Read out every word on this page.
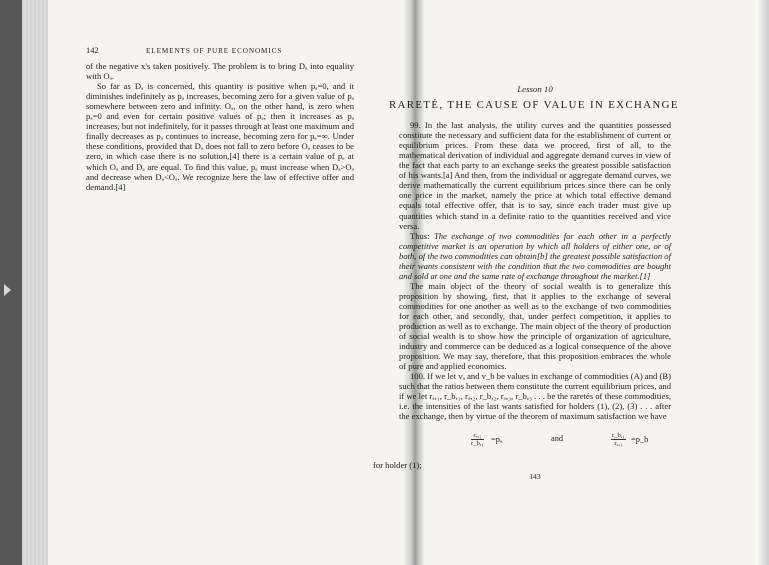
142	ELEMENTS OF PURE ECONOMICS

of the negative x's taken positively. The problem is to bring Dₐ into equality with Oₐ.

So far as Dₐ is concerned, this quantity is positive when pₐ=0, and it diminishes indefinitely as pₐ increases, becoming zero for a given value of pₐ somewhere between zero and infinity. Oₐ, on the other hand, is zero when pₐ=0 and even for certain positive values of pₐ; then it increases as pₐ increases, but not indefinitely, for it passes through at least one maximum and finally decreases as pₐ continues to increase, becoming zero for pₐ=∞. Under these conditions, provided that Dₐ does not fall to zero before Oₐ ceases to be zero, in which case there is no solution,[4] there is a certain value of pₐ at which Oₐ and Dₐ are equal. To find this value, pₐ must increase when Dₐ>Oₐ and decrease when Dₐ<Oₐ. We recognize here the law of effective offer and demand.[4]

Lesson 10
RARETÉ, THE CAUSE OF VALUE IN EXCHANGE

99. In the last analysis, the utility curves and the quantities possessed constitute the necessary and sufficient data for the establishment of current or equilibrium prices. From these data we proceed, first of all, to the mathematical derivation of individual and aggregate demand curves in view of the fact that each party to an exchange seeks the greatest possible satisfaction of his wants.[a] And then, from the individual or aggregate demand curves, we derive mathematically the current equilibrium prices since there can be only one price in the market, namely the price at which total effective demand equals total effective offer, that is to say, since each trader must give up quantities which stand in a definite ratio to the quantities received and vice versa.

Thus: The exchange of two commodities for each other in a perfectly competitive market is an operation by which all holders of either one, or of both, of the two commodities can obtain[b] the greatest possible satisfaction of their wants consistent with the condition that the two commodities are bought and sold at one and the same rate of exchange throughout the market.[1]

The main object of the theory of social wealth is to generalize this proposition by showing, first, that it applies to the exchange of several commodities for one another as well as to the exchange of two commodities for each other, and secondly, that, under perfect competition, it applies to production as well as to exchange. The main object of the theory of production of social wealth is to show how the principle of organization of agriculture, industry and commerce can be deduced as a logical consequence of the above proposition. We may say, therefore, that this proposition embraces the whole of pure and applied economics.

100. If we let vₐ and v_b be values in exchange of commodities (A) and (B) such that the ratios between them constitute the current equilibrium prices, and if we let rₐ,₁, r_b,₁, rₐ,₂, r_b,₂, rₐ,₃, r_b,₃ . . . be the raretés of these commodities, i.e. the intensities of the last wants satisfied for holders (1), (2), (3) . . . after the exchange, then by virtue of the theorem of maximum satisfaction we have

$\frac{\text{rₐ,₁}}{\text{r\_b,₁}} =p_a$	and	$\frac{\text{r\_b,₁}}{\text{rₐ,₁}}$ =p_b
for holder (1);
143
